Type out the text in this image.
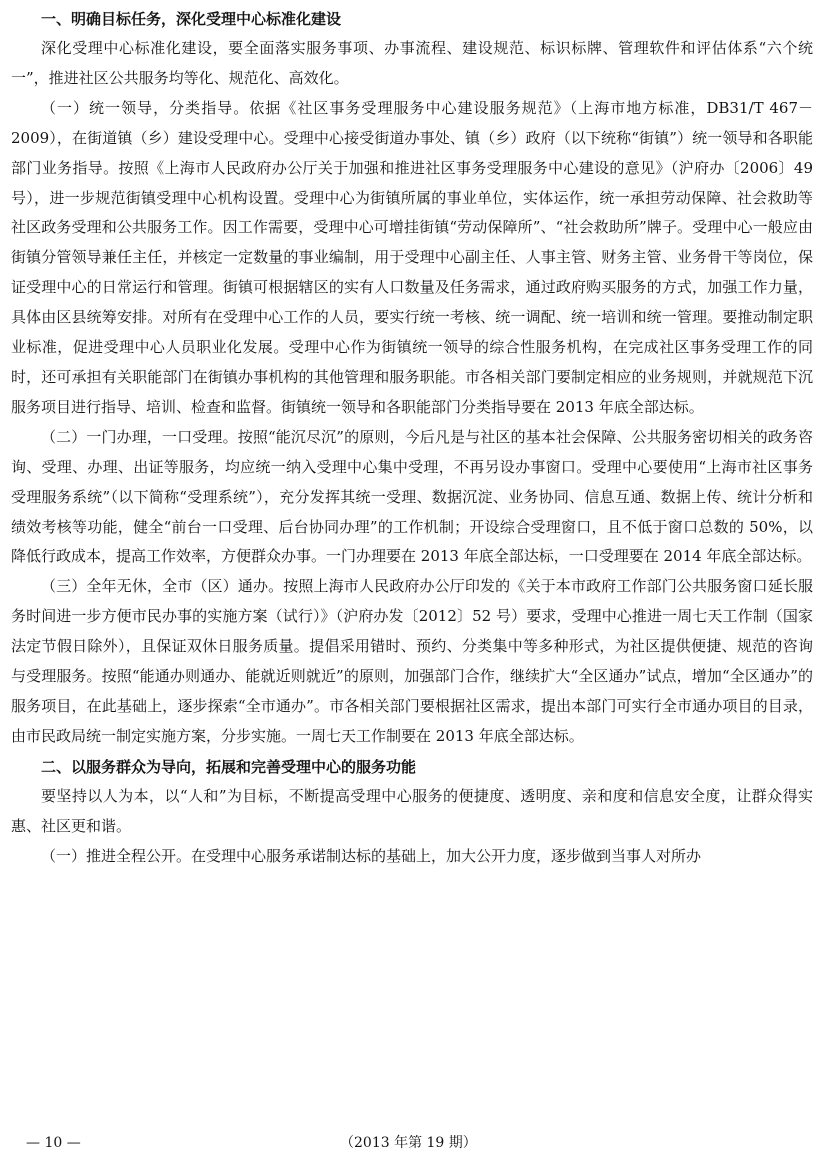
一、明确目标任务，深化受理中心标准化建设

深化受理中心标准化建设，要全面落实服务事项、办事流程、建设规范、标识标牌、管理软件和评估体系“六个统一”，推进社区公共服务均等化、规范化、高效化。

（一）统一领导，分类指导。依据《社区事务受理服务中心建设服务规范》（上海市地方标准，DB31/T 467－2009），在街道镇（乡）建设受理中心。受理中心接受街道办事处、镇（乡）政府（以下统称“街镇”）统一领导和各职能部门业务指导。按照《上海市人民政府办公厅关于加强和推进社区事务受理服务中心建设的意见》（沪府办〔2006〕49 号），进一步规范街镇受理中心机构设置。受理中心为街镇所属的事业单位，实体运作，统一承担劳动保障、社会救助等社区政务受理和公共服务工作。因工作需要，受理中心可增挂街镇“劳动保障所”、“社会救助所”牌子。受理中心一般应由街镇分管领导兼任主任，并核定一定数量的事业编制，用于受理中心副主任、人事主管、财务主管、业务骨干等岗位，保证受理中心的日常运行和管理。街镇可根据辖区的实有人口数量及任务需求，通过政府购买服务的方式，加强工作力量，具体由区县统筹安排。对所有在受理中心工作的人员，要实行统一考核、统一调配、统一培训和统一管理。要推动制定职业标准，促进受理中心人员职业化发展。受理中心作为街镇统一领导的综合性服务机构，在完成社区事务受理工作的同时，还可承担有关职能部门在街镇办事机构的其他管理和服务职能。市各相关部门要制定相应的业务规则，并就规范下沉服务项目进行指导、培训、检查和监督。街镇统一领导和各职能部门分类指导要在 2013 年底全部达标。

（二）一门办理，一口受理。按照“能沉尽沉”的原则，今后凡是与社区的基本社会保障、公共服务密切相关的政务咨询、受理、办理、出证等服务，均应统一纳入受理中心集中受理，不再另设办事窗口。受理中心要使用“上海市社区事务受理服务系统”（以下简称“受理系统”），充分发挥其统一受理、数据沉淀、业务协同、信息互通、数据上传、统计分析和绩效考核等功能，健全“前台一口受理、后台协同办理”的工作机制；开设综合受理窗口，且不低于窗口总数的 50%，以降低行政成本，提高工作效率，方便群众办事。一门办理要在 2013 年底全部达标，一口受理要在 2014 年底全部达标。

（三）全年无休，全市（区）通办。按照上海市人民政府办公厅印发的《关于本市政府工作部门公共服务窗口延长服务时间进一步方便市民办事的实施方案（试行）》（沪府办发〔2012〕52 号）要求，受理中心推进一周七天工作制（国家法定节假日除外），且保证双休日服务质量。提倡采用错时、预约、分类集中等多种形式，为社区提供便捷、规范的咨询与受理服务。按照“能通办则通办、能就近则就近”的原则，加强部门合作，继续扩大“全区通办”试点，增加“全区通办”的服务项目，在此基础上，逐步探索“全市通办”。市各相关部门要根据社区需求，提出本部门可实行全市通办项目的目录，由市民政局统一制定实施方案，分步实施。一周七天工作制要在 2013 年底全部达标。

二、以服务群众为导向，拓展和完善受理中心的服务功能

要坚持以人为本，以“人和”为目标，不断提高受理中心服务的便捷度、透明度、亲和度和信息安全度，让群众得实惠、社区更和谐。

（一）推进全程公开。在受理中心服务承诺制达标的基础上，加大公开力度，逐步做到当事人对所办

— 10 —	（2013 年第 19 期）
